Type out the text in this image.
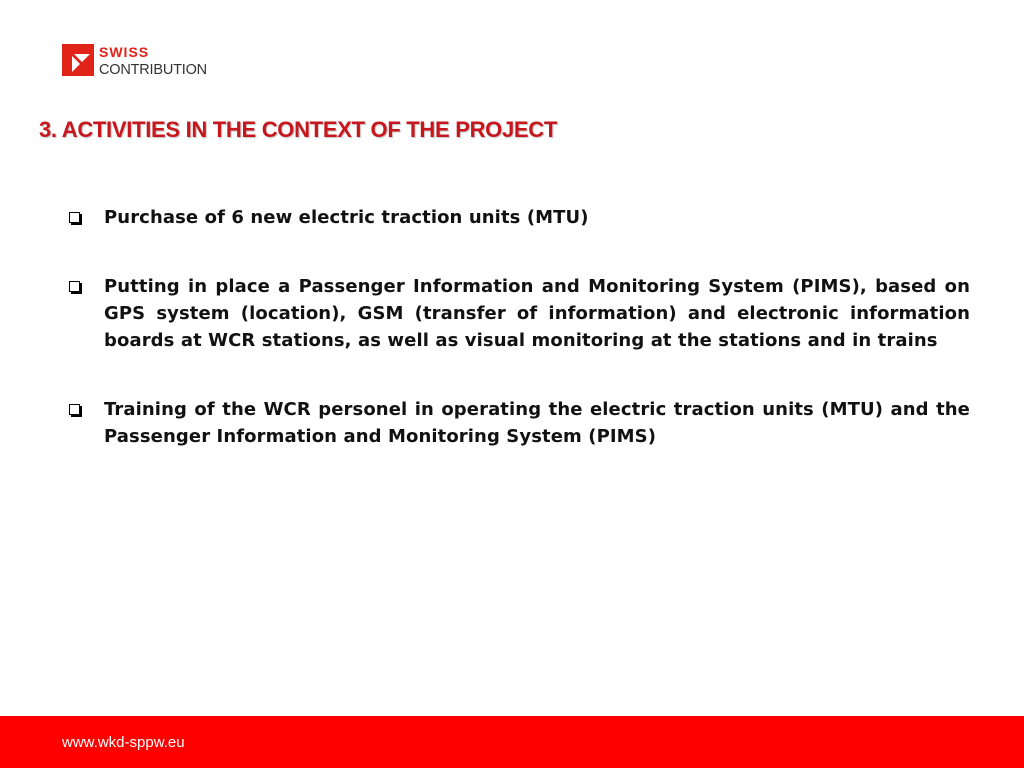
SWISS
CONTRIBUTION
3. ACTIVITIES IN THE CONTEXT OF THE PROJECT
Purchase of 6 new electric traction units (MTU)
Putting in place a Passenger Information and Monitoring System (PIMS), based on GPS system (location), GSM (transfer of information) and electronic information boards at WCR stations, as well as visual monitoring at the stations and in trains
Training of the WCR personel in operating the electric traction units (MTU) and the Passenger Information and Monitoring System (PIMS)
www.wkd-sppw.eu
